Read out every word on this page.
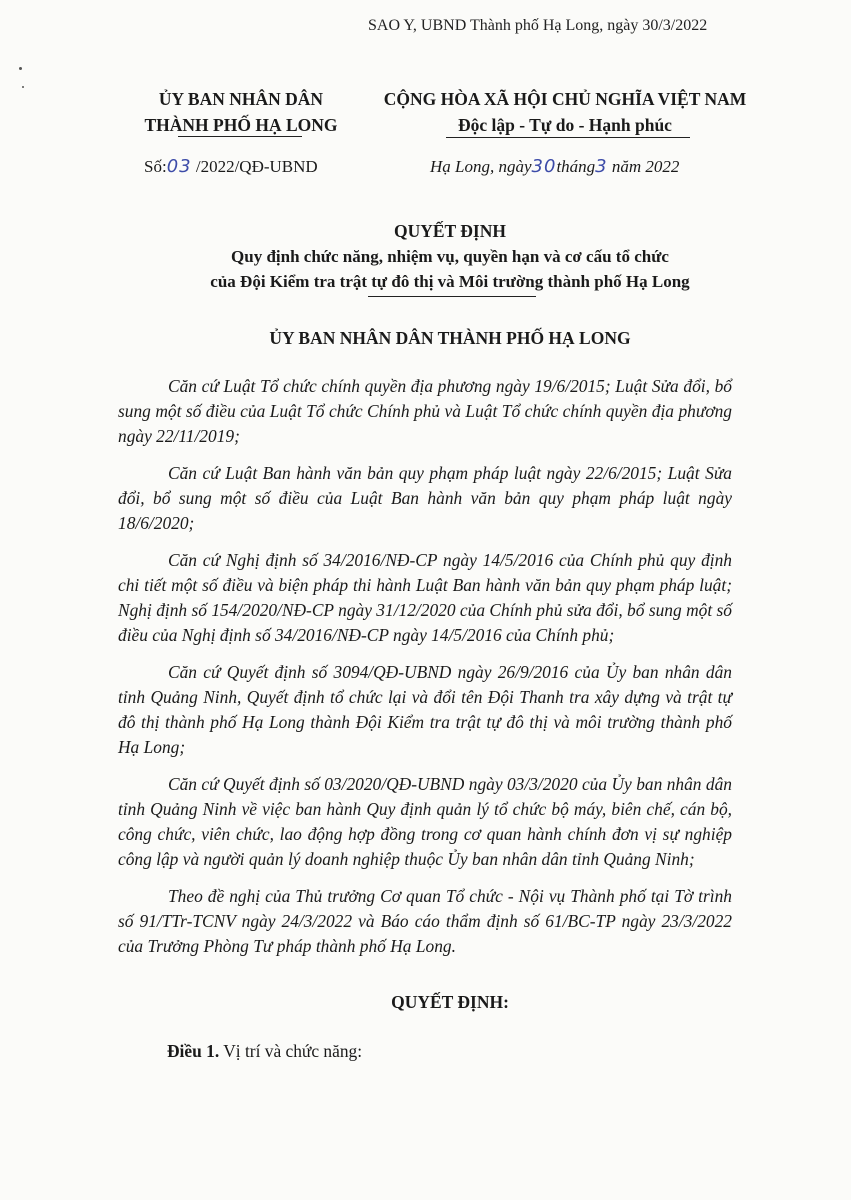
SAO Y, UBND Thành phố Hạ Long, ngày 30/3/2022
ỦY BAN NHÂN DÂN
THÀNH PHỐ HẠ LONG
CỘNG HÒA XÃ HỘI CHỦ NGHĨA VIỆT NAM
Độc lập - Tự do - Hạnh phúc
Số:03 /2022/QĐ-UBND	Hạ Long, ngày30tháng3 năm 2022
QUYẾT ĐỊNH
Quy định chức năng, nhiệm vụ, quyền hạn và cơ cấu tổ chức
của Đội Kiểm tra trật tự đô thị và Môi trường thành phố Hạ Long
ỦY BAN NHÂN DÂN THÀNH PHỐ HẠ LONG

Căn cứ Luật Tổ chức chính quyền địa phương ngày 19/6/2015; Luật Sửa đổi, bổ sung một số điều của Luật Tổ chức Chính phủ và Luật Tổ chức chính quyền địa phương ngày 22/11/2019;

Căn cứ Luật Ban hành văn bản quy phạm pháp luật ngày 22/6/2015; Luật Sửa đổi, bổ sung một số điều của Luật Ban hành văn bản quy phạm pháp luật ngày 18/6/2020;

Căn cứ Nghị định số 34/2016/NĐ-CP ngày 14/5/2016 của Chính phủ quy định chi tiết một số điều và biện pháp thi hành Luật Ban hành văn bản quy phạm pháp luật; Nghị định số 154/2020/NĐ-CP ngày 31/12/2020 của Chính phủ sửa đổi, bổ sung một số điều của Nghị định số 34/2016/NĐ-CP ngày 14/5/2016 của Chính phủ;

Căn cứ Quyết định số 3094/QĐ-UBND ngày 26/9/2016 của Ủy ban nhân dân tỉnh Quảng Ninh, Quyết định tổ chức lại và đổi tên Đội Thanh tra xây dựng và trật tự đô thị thành phố Hạ Long thành Đội Kiểm tra trật tự đô thị và môi trường thành phố Hạ Long;

Căn cứ Quyết định số 03/2020/QĐ-UBND ngày 03/3/2020 của Ủy ban nhân dân tỉnh Quảng Ninh về việc ban hành Quy định quản lý tổ chức bộ máy, biên chế, cán bộ, công chức, viên chức, lao động hợp đồng trong cơ quan hành chính đơn vị sự nghiệp công lập và người quản lý doanh nghiệp thuộc Ủy ban nhân dân tỉnh Quảng Ninh;

Theo đề nghị của Thủ trưởng Cơ quan Tổ chức - Nội vụ Thành phố tại Tờ trình số 91/TTr-TCNV ngày 24/3/2022 và Báo cáo thẩm định số 61/BC-TP ngày 23/3/2022 của Trưởng Phòng Tư pháp thành phố Hạ Long.

QUYẾT ĐỊNH:
Điều 1. Vị trí và chức năng:
